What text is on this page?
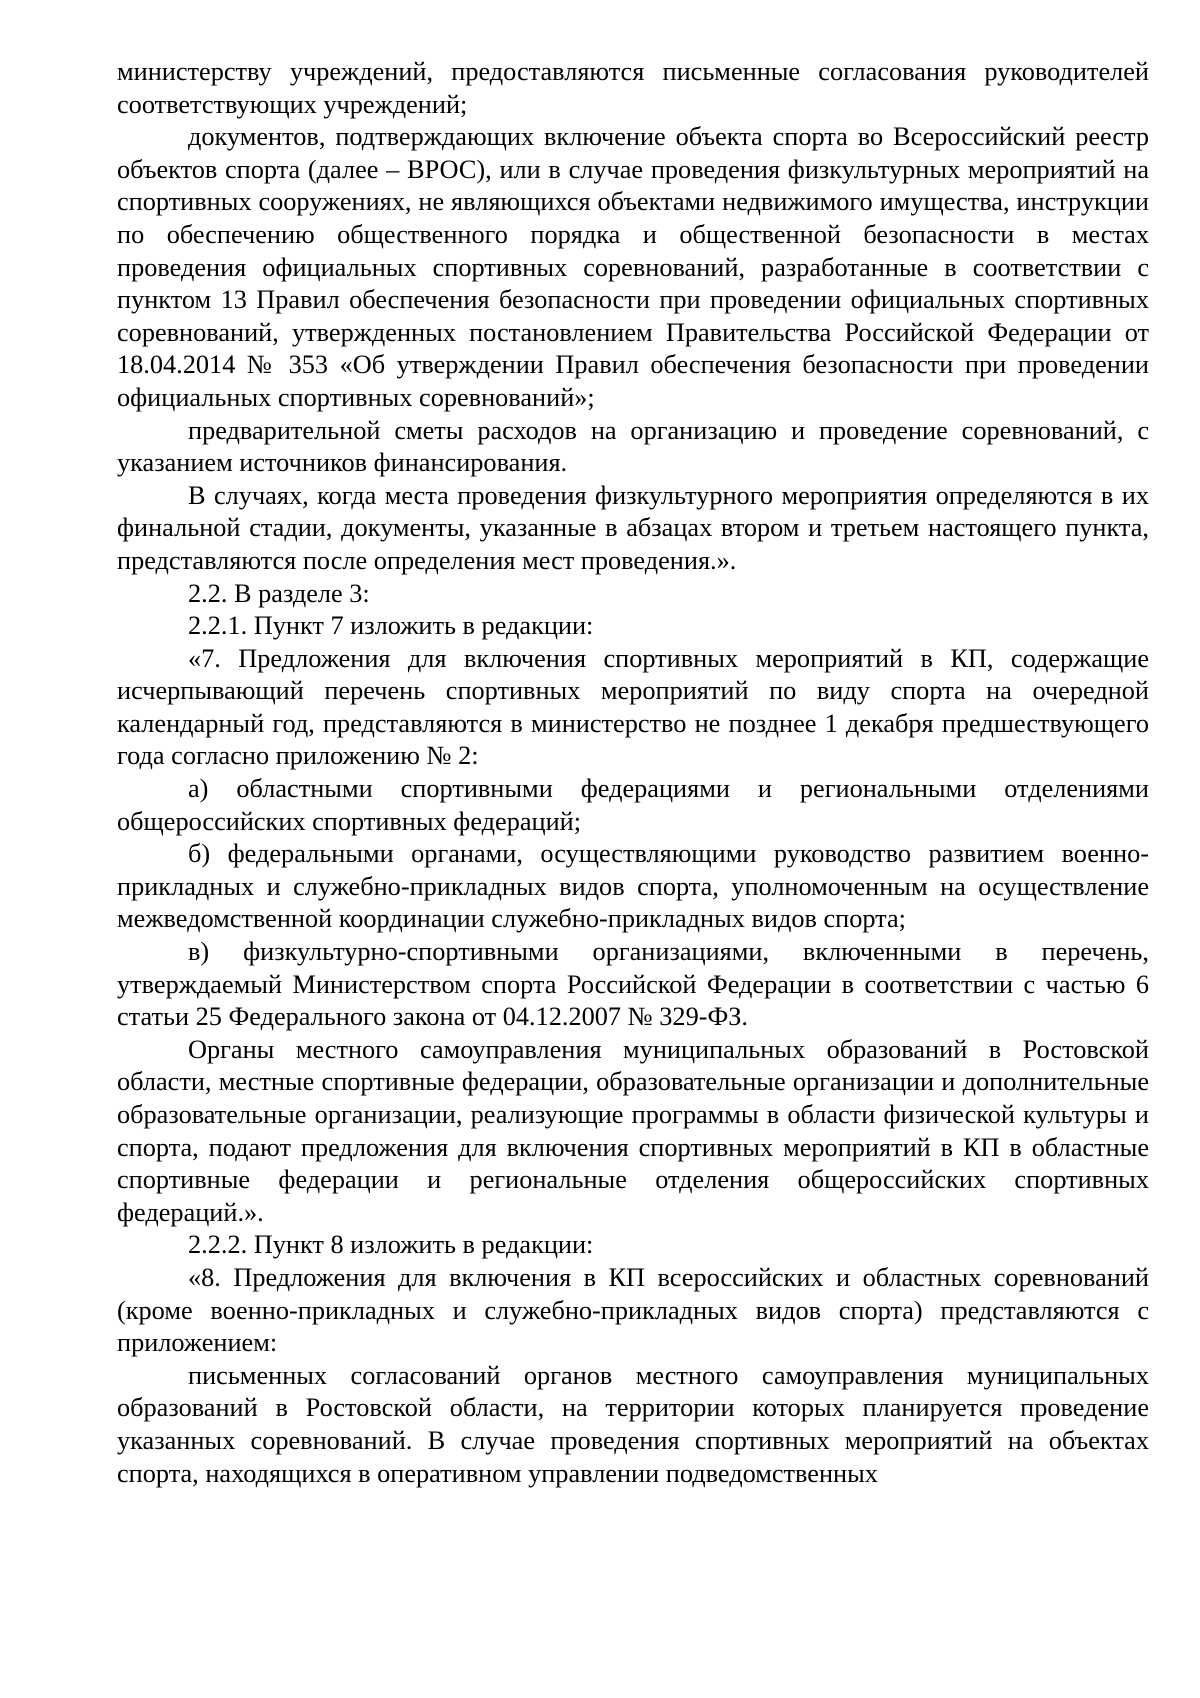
министерству учреждений, предоставляются письменные согласования руководителей соответствующих учреждений;

документов, подтверждающих включение объекта спорта во Всероссийский реестр объектов спорта (далее – ВРОС), или в случае проведения физкультурных мероприятий на спортивных сооружениях, не являющихся объектами недвижимого имущества, инструкции по обеспечению общественного порядка и общественной безопасности в местах проведения официальных спортивных соревнований, разработанные в соответствии с пунктом 13 Правил обеспечения безопасности при проведении официальных спортивных соревнований, утвержденных постановлением Правительства Российской Федерации от 18.04.2014 № 353 «Об утверждении Правил обеспечения безопасности при проведении официальных спортивных соревнований»;

предварительной сметы расходов на организацию и проведение соревнований, с указанием источников финансирования.

В случаях, когда места проведения физкультурного мероприятия определяются в их финальной стадии, документы, указанные в абзацах втором и третьем настоящего пункта, представляются после определения мест проведения.».

2.2. В разделе 3:

2.2.1. Пункт 7 изложить в редакции:

«7. Предложения для включения спортивных мероприятий в КП, содержащие исчерпывающий перечень спортивных мероприятий по виду спорта на очередной календарный год, представляются в министерство не позднее 1 декабря предшествующего года согласно приложению № 2:

а) областными спортивными федерациями и региональными отделениями общероссийских спортивных федераций;

б) федеральными органами, осуществляющими руководство развитием военно-прикладных и служебно-прикладных видов спорта, уполномоченным на осуществление межведомственной координации служебно-прикладных видов спорта;

в) физкультурно-спортивными организациями, включенными в перечень, утверждаемый Министерством спорта Российской Федерации в соответствии с частью 6 статьи 25 Федерального закона от 04.12.2007 № 329-ФЗ.

Органы местного самоуправления муниципальных образований в Ростовской области, местные спортивные федерации, образовательные организации и дополнительные образовательные организации, реализующие программы в области физической культуры и спорта, подают предложения для включения спортивных мероприятий в КП в областные спортивные федерации и региональные отделения общероссийских спортивных федераций.».

2.2.2. Пункт 8 изложить в редакции:

«8. Предложения для включения в КП всероссийских и областных соревнований (кроме военно-прикладных и служебно-прикладных видов спорта) представляются с приложением:

письменных согласований органов местного самоуправления муниципальных образований в Ростовской области, на территории которых планируется проведение указанных соревнований. В случае проведения спортивных мероприятий на объектах спорта, находящихся в оперативном управлении подведомственных
